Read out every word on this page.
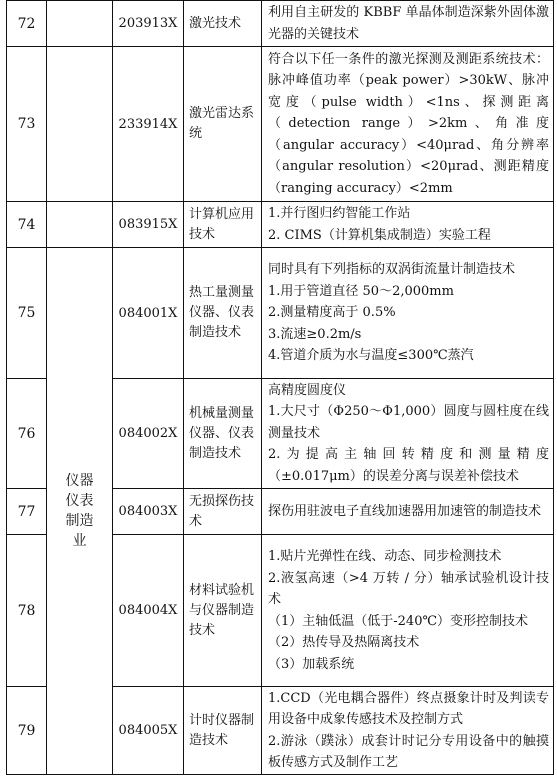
72		203913X	激光技术	利用自主研发的 KBBF 单晶体制造深紫外固体激光器的关键技术

73		233914X	激光雷达系统	符合以下任一条件的激光探测及测距系统技术：脉冲峰值功率（peak power）>30kW、脉冲宽度（pulse width）<1ns、探测距离（detection range）>2km、角准度（angular accuracy）<40μrad、角分辨率（angular resolution）<20μrad、测距精度（ranging accuracy）<2mm

74		083915X	计算机应用技术	1.并行图归约智能工作站
2. CIMS（计算机集成制造）实验工程

75	仪器仪表制造业	084001X	热工量测量仪器、仪表制造技术	同时具有下列指标的双涡街流量计制造技术
1.用于管道直径 50～2,000mm
2.测量精度高于 0.5%
3.流速≥0.2m/s
4.管道介质为水与温度≤300℃蒸汽

76		084002X	机械量测量仪器、仪表制造技术	高精度圆度仪
1.大尺寸（Φ250～Φ1,000）圆度与圆柱度在线测量技术
2.为提高主轴回转精度和测量精度（±0.017μm）的误差分离与误差补偿技术

77		084003X	无损探伤技术	探伤用驻波电子直线加速器用加速管的制造技术

78		084004X	材料试验机与仪器制造技术	1.贴片光弹性在线、动态、同步检测技术
2.液氢高速（>4 万转 / 分）轴承试验机设计技术
（1）主轴低温（低于-240℃）变形控制技术
（2）热传导及热隔离技术
（3）加载系统

79		084005X	计时仪器制造技术	1.CCD（光电耦合器件）终点摄象计时及判读专用设备中成象传感技术及控制方式
2.游泳（蹼泳）成套计时记分专用设备中的触摸板传感方式及制作工艺
